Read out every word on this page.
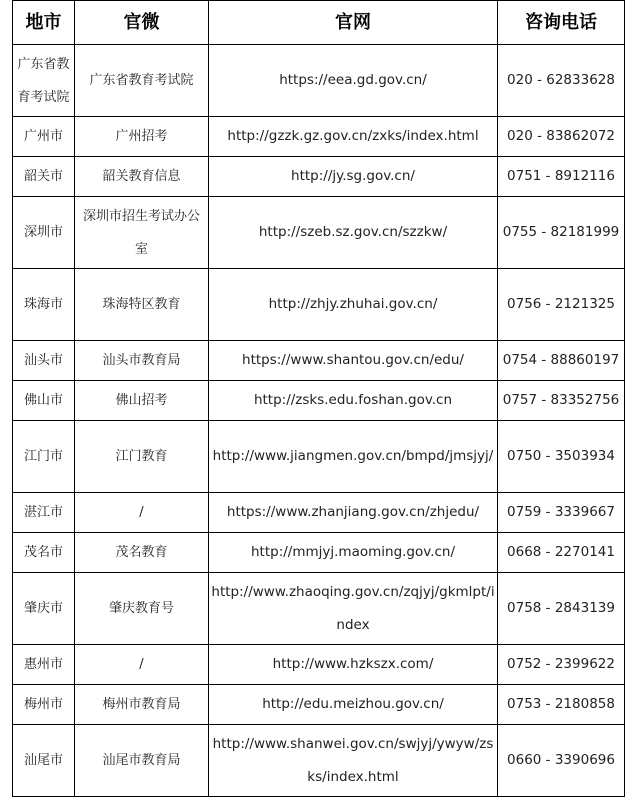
地市	官微	官网	咨询电话
广东省教育考试院	广东省教育考试院	https://eea.gd.gov.cn/	020 - 62833628
广州市	广州招考	http://gzzk.gz.gov.cn/zxks/index.html	020 - 83862072
韶关市	韶关教育信息	http://jy.sg.gov.cn/	0751 - 8912116
深圳市	深圳市招生考试办公室	http://szeb.sz.gov.cn/szzkw/	0755 - 82181999
珠海市	珠海特区教育	http://zhjy.zhuhai.gov.cn/	0756 - 2121325
汕头市	汕头市教育局	https://www.shantou.gov.cn/edu/	0754 - 88860197
佛山市	佛山招考	http://zsks.edu.foshan.gov.cn	0757 - 83352756
江门市	江门教育	http://www.jiangmen.gov.cn/bmpd/jmsjyj/	0750 - 3503934
湛江市	/	https://www.zhanjiang.gov.cn/zhjedu/	0759 - 3339667
茂名市	茂名教育	http://mmjyj.maoming.gov.cn/	0668 - 2270141
肇庆市	肇庆教育号	http://www.zhaoqing.gov.cn/zqjyj/gkmlpt/index	0758 - 2843139
惠州市	/	http://www.hzkszx.com/	0752 - 2399622
梅州市	梅州市教育局	http://edu.meizhou.gov.cn/	0753 - 2180858
汕尾市	汕尾市教育局	http://www.shanwei.gov.cn/swjyj/ywyw/zsks/index.html	0660 - 3390696
